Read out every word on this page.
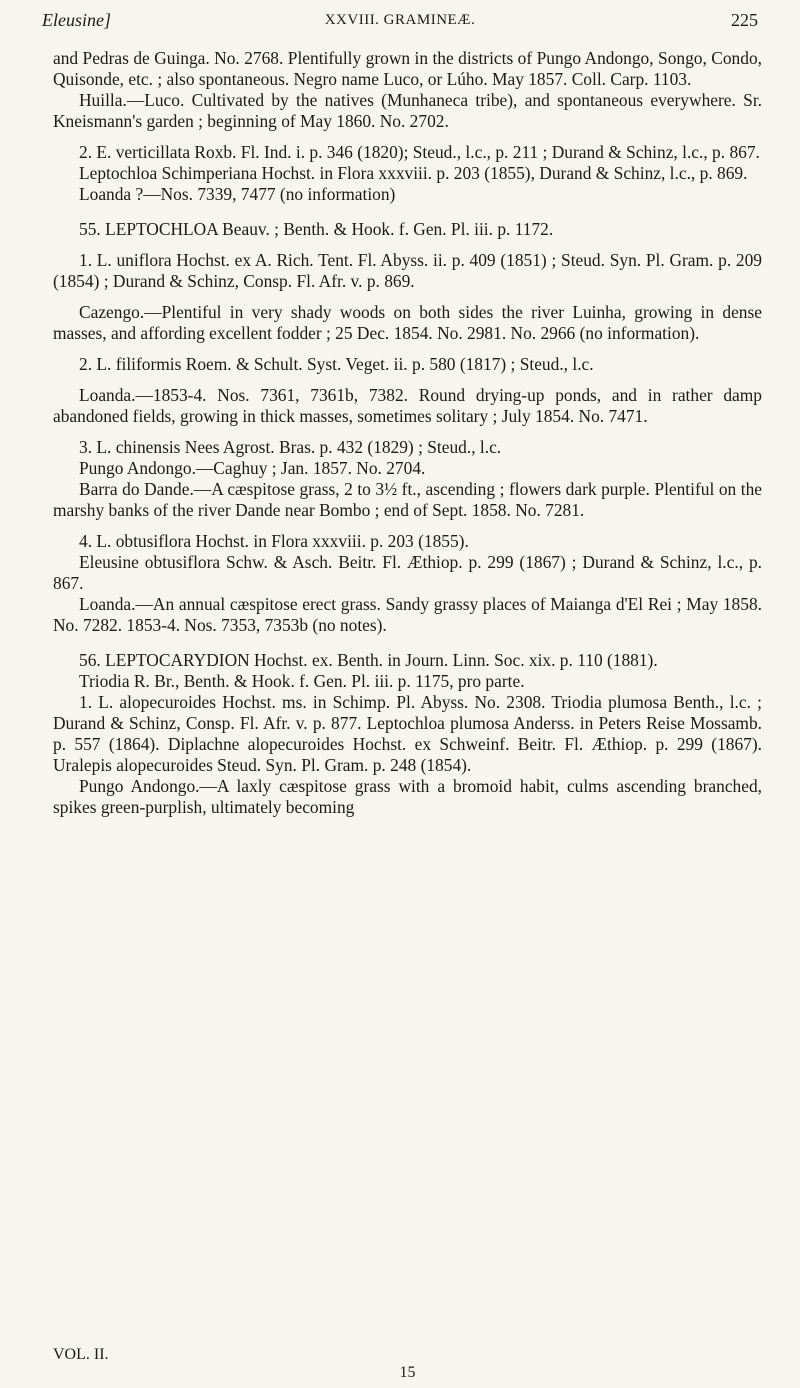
Eleusine]	XXVIII. GRAMINEÆ.	225

and Pedras de Guinga. No. 2768. Plentifully grown in the districts of Pungo Andongo, Songo, Condo, Quisonde, etc. ; also spontaneous. Negro name Luco, or Lúho. May 1857. Coll. Carp. 1103.

Huilla.—Luco. Cultivated by the natives (Munhaneca tribe), and spontaneous everywhere. Sr. Kneismann's garden ; beginning of May 1860. No. 2702.

2. E. verticillata Roxb. Fl. Ind. i. p. 346 (1820); Steud., l.c., p. 211 ; Durand & Schinz, l.c., p. 867.

Leptochloa Schimperiana Hochst. in Flora xxxviii. p. 203 (1855), Durand & Schinz, l.c., p. 869.

Loanda ?—Nos. 7339, 7477 (no information)

55. LEPTOCHLOA Beauv. ; Benth. & Hook. f. Gen. Pl. iii. p. 1172.

1. L. uniflora Hochst. ex A. Rich. Tent. Fl. Abyss. ii. p. 409 (1851) ; Steud. Syn. Pl. Gram. p. 209 (1854) ; Durand & Schinz, Consp. Fl. Afr. v. p. 869.

Cazengo.—Plentiful in very shady woods on both sides the river Luinha, growing in dense masses, and affording excellent fodder ; 25 Dec. 1854. No. 2981. No. 2966 (no information).

2. L. filiformis Roem. & Schult. Syst. Veget. ii. p. 580 (1817) ; Steud., l.c.

Loanda.—1853-4. Nos. 7361, 7361b, 7382. Round drying-up ponds, and in rather damp abandoned fields, growing in thick masses, sometimes solitary ; July 1854. No. 7471.

3. L. chinensis Nees Agrost. Bras. p. 432 (1829) ; Steud., l.c.

Pungo Andongo.—Caghuy ; Jan. 1857. No. 2704.

Barra do Dande.—A cæspitose grass, 2 to 3½ ft., ascending ; flowers dark purple. Plentiful on the marshy banks of the river Dande near Bombo ; end of Sept. 1858. No. 7281.

4. L. obtusiflora Hochst. in Flora xxxviii. p. 203 (1855).

Eleusine obtusiflora Schw. & Asch. Beitr. Fl. Æthiop. p. 299 (1867) ; Durand & Schinz, l.c., p. 867.

Loanda.—An annual cæspitose erect grass. Sandy grassy places of Maianga d'El Rei ; May 1858. No. 7282. 1853-4. Nos. 7353, 7353b (no notes).

56. LEPTOCARYDION Hochst. ex. Benth. in Journ. Linn. Soc. xix. p. 110 (1881).

Triodia R. Br., Benth. & Hook. f. Gen. Pl. iii. p. 1175, pro parte.

1. L. alopecuroides Hochst. ms. in Schimp. Pl. Abyss. No. 2308. Triodia plumosa Benth., l.c. ; Durand & Schinz, Consp. Fl. Afr. v. p. 877. Leptochloa plumosa Anderss. in Peters Reise Mossamb. p. 557 (1864). Diplachne alopecuroides Hochst. ex Schweinf. Beitr. Fl. Æthiop. p. 299 (1867). Uralepis alopecuroides Steud. Syn. Pl. Gram. p. 248 (1854).

Pungo Andongo.—A laxly cæspitose grass with a bromoid habit, culms ascending branched, spikes green-purplish, ultimately becoming

VOL. II.
15
